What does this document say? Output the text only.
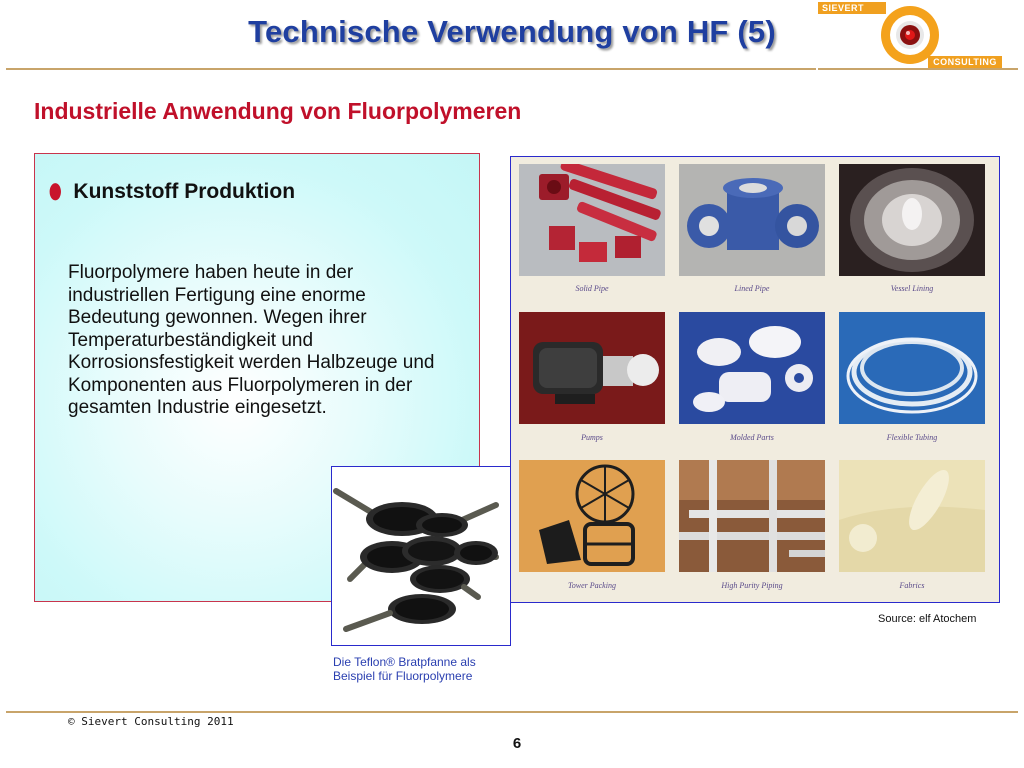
Technische Verwendung von HF (5)
SIEVERT
CONSULTING
Industrielle Anwendung von Fluorpolymeren
⬮ Kunststoff Produktion
Fluorpolymere haben heute in der industriellen Fertigung eine enorme Bedeutung gewonnen. Wegen ihrer Temperaturbeständigkeit und Korrosionsfestigkeit werden Halbzeuge und Komponenten aus Fluorpolymeren in der gesamten Industrie eingesetzt.
Solid Pipe	Lined Pipe	Vessel Lining
Pumps	Molded Parts	Flexible Tubing
Tower Packing	High Purity Piping	Fabrics
Die Teflon® Bratpfanne als
Beispiel für Fluorpolymere
Source: elf Atochem
© Sievert Consulting 2011
6
